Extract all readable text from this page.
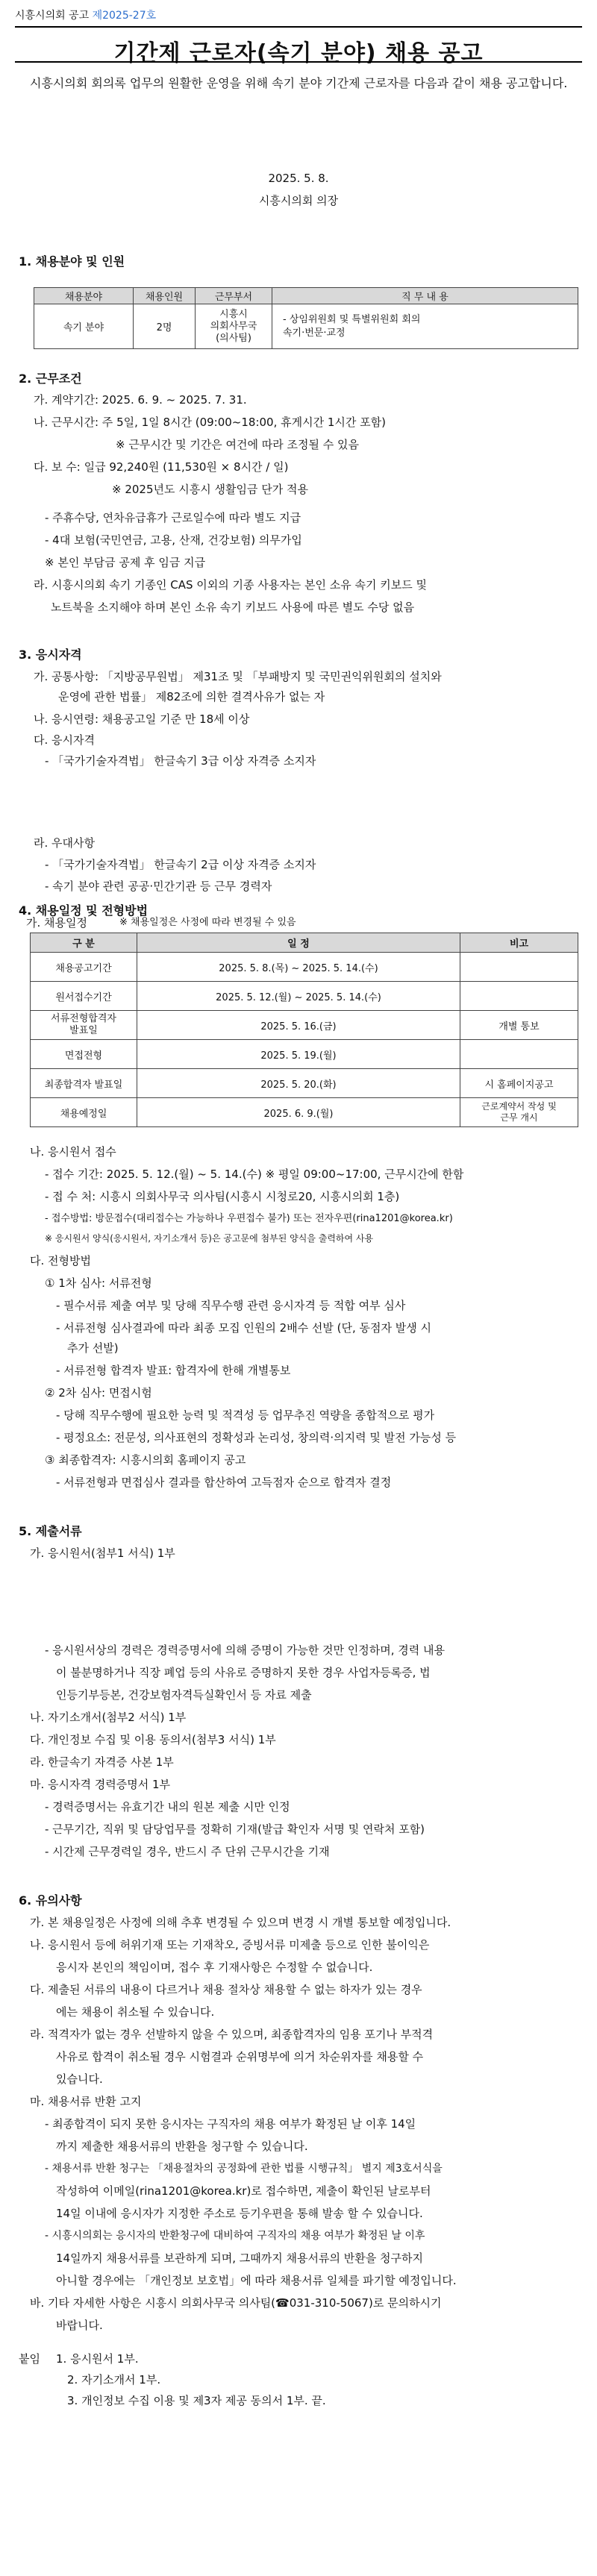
시흥시의회 공고 제2025-27호
기간제 근로자(속기 분야) 채용 공고
시흥시의회 회의록 업무의 원활한 운영을 위해 속기 분야 기간제 근로자를 다음과 같이 채용 공고합니다.
2025. 5. 8.
시흥시의회 의장
1. 채용분야 및 인원
채용분야	채용인원	근무부서	직 무 내 용
속기 분야	2명	시흥시
의회사무국
(의사팀)	- 상임위원회 및 특별위원회 회의
속기·번문·교정
2. 근무조건
가. 계약기간: 2025. 6. 9. ~ 2025. 7. 31.
나. 근무시간: 주 5일, 1일 8시간 (09:00~18:00, 휴게시간 1시간 포함)
※ 근무시간 및 기간은 여건에 따라 조정될 수 있음
다. 보 수: 일급 92,240원 (11,530원 × 8시간 / 일)
※ 2025년도 시흥시 생활임금 단가 적용
- 주휴수당, 연차유급휴가 근로일수에 따라 별도 지급
- 4대 보험(국민연금, 고용, 산재, 건강보험) 의무가입
※ 본인 부담금 공제 후 임금 지급
라. 시흥시의회 속기 기종인 CAS 이외의 기종 사용자는 본인 소유 속기 키보드 및
노트북을 소지해야 하며 본인 소유 속기 키보드 사용에 따른 별도 수당 없음
3. 응시자격
가. 공통사항: 「지방공무원법」 제31조 및 「부패방지 및 국민권익위원회의 설치와
운영에 관한 법률」 제82조에 의한 결격사유가 없는 자
나. 응시연령: 채용공고일 기준 만 18세 이상
다. 응시자격
- 「국가기술자격법」 한글속기 3급 이상 자격증 소지자
라. 우대사항
- 「국가기술자격법」 한글속기 2급 이상 자격증 소지자
- 속기 분야 관련 공공·민간기관 등 근무 경력자
4. 채용일정 및 전형방법
가. 채용일정	※ 채용일정은 사정에 따라 변경될 수 있음
구 분	일 정	비고
채용공고기간	2025. 5. 8.(목) ~ 2025. 5. 14.(수)	
원서접수기간	2025. 5. 12.(월) ~ 2025. 5. 14.(수)	
서류전형합격자
발표일	2025. 5. 16.(금)	개별 통보
면접전형	2025. 5. 19.(월)	
최종합격자 발표일	2025. 5. 20.(화)	시 홈페이지공고
채용예정일	2025. 6. 9.(월)	근로계약서 작성 및
근무 개시
나. 응시원서 접수
- 접수 기간: 2025. 5. 12.(월) ~ 5. 14.(수) ※ 평일 09:00~17:00, 근무시간에 한함
- 접 수 처: 시흥시 의회사무국 의사팀(시흥시 시청로20, 시흥시의회 1층)
- 접수방법: 방문접수(대리접수는 가능하나 우편접수 불가) 또는 전자우편(rina1201@korea.kr)
※ 응시원서 양식(응시원서, 자기소개서 등)은 공고문에 첨부된 양식을 출력하여 사용
다. 전형방법
① 1차 심사: 서류전형
- 필수서류 제출 여부 및 당해 직무수행 관련 응시자격 등 적합 여부 심사
- 서류전형 심사결과에 따라 최종 모집 인원의 2배수 선발 (단, 동점자 발생 시
추가 선발)
- 서류전형 합격자 발표: 합격자에 한해 개별통보
② 2차 심사: 면접시험
- 당해 직무수행에 필요한 능력 및 적격성 등 업무추진 역량을 종합적으로 평가
- 평정요소: 전문성, 의사표현의 정확성과 논리성, 창의력·의지력 및 발전 가능성 등
③ 최종합격자: 시흥시의회 홈페이지 공고
- 서류전형과 면접심사 결과를 합산하여 고득점자 순으로 합격자 결정
5. 제출서류
가. 응시원서(첨부1 서식) 1부
- 응시원서상의 경력은 경력증명서에 의해 증명이 가능한 것만 인정하며, 경력 내용
이 불분명하거나 직장 폐업 등의 사유로 증명하지 못한 경우 사업자등록증, 법
인등기부등본, 건강보험자격득실확인서 등 자료 제출
나. 자기소개서(첨부2 서식) 1부
다. 개인정보 수집 및 이용 동의서(첨부3 서식) 1부
라. 한글속기 자격증 사본 1부
마. 응시자격 경력증명서 1부
- 경력증명서는 유효기간 내의 원본 제출 시만 인정
- 근무기간, 직위 및 담당업무를 정확히 기재(발급 확인자 서명 및 연락처 포함)
- 시간제 근무경력일 경우, 반드시 주 단위 근무시간을 기재
6. 유의사항
가. 본 채용일정은 사정에 의해 추후 변경될 수 있으며 변경 시 개별 통보할 예정입니다.
나. 응시원서 등에 허위기재 또는 기재착오, 증빙서류 미제출 등으로 인한 불이익은
응시자 본인의 책임이며, 접수 후 기재사항은 수정할 수 없습니다.
다. 제출된 서류의 내용이 다르거나 채용 절차상 채용할 수 없는 하자가 있는 경우
에는 채용이 취소될 수 있습니다.
라. 적격자가 없는 경우 선발하지 않을 수 있으며, 최종합격자의 임용 포기나 부적격
사유로 합격이 취소될 경우 시험결과 순위명부에 의거 차순위자를 채용할 수
있습니다.
마. 채용서류 반환 고지
- 최종합격이 되지 못한 응시자는 구직자의 채용 여부가 확정된 날 이후 14일
까지 제출한 채용서류의 반환을 청구할 수 있습니다.
- 채용서류 반환 청구는 「채용절차의 공정화에 관한 법률 시행규칙」 별지 제3호서식을
작성하여 이메일(rina1201@korea.kr)로 접수하면, 제출이 확인된 날로부터
14일 이내에 응시자가 지정한 주소로 등기우편을 통해 발송 할 수 있습니다.
- 시흥시의회는 응시자의 반환청구에 대비하여 구직자의 채용 여부가 확정된 날 이후
14일까지 채용서류를 보관하게 되며, 그때까지 채용서류의 반환을 청구하지
아니할 경우에는 「개인정보 보호법」에 따라 채용서류 일체를 파기할 예정입니다.
바. 기타 자세한 사항은 시흥시 의회사무국 의사팀(☎031-310-5067)로 문의하시기
바랍니다.
붙임 1. 응시원서 1부.
2. 자기소개서 1부.
3. 개인정보 수집 이용 및 제3자 제공 동의서 1부. 끝.
